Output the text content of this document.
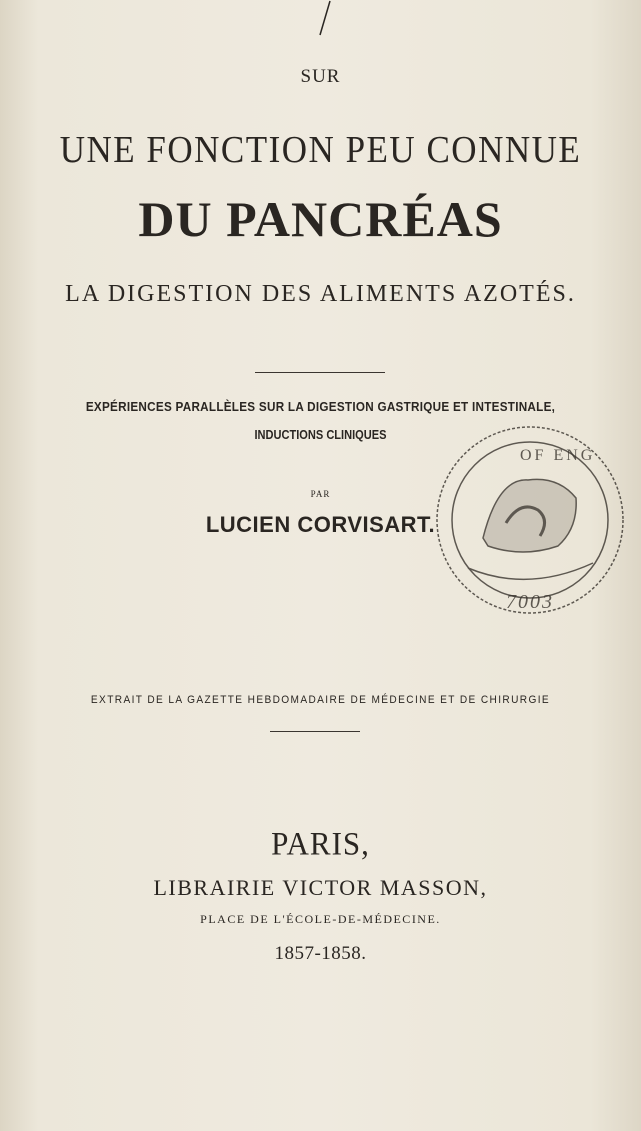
SUR
UNE FONCTION PEU CONNUE
DU PANCRÉAS
LA DIGESTION DES ALIMENTS AZOTÉS.
EXPÉRIENCES PARALLÈLES SUR LA DIGESTION GASTRIQUE ET INTESTINALE,
INDUCTIONS CLINIQUES
PAR
LUCIEN CORVISART.
OF ENG
7003
EXTRAIT DE LA GAZETTE HEBDOMADAIRE DE MÉDECINE ET DE CHIRURGIE
PARIS,
LIBRAIRIE VICTOR MASSON,
PLACE DE L'ÉCOLE-DE-MÉDECINE.
1857-1858.
